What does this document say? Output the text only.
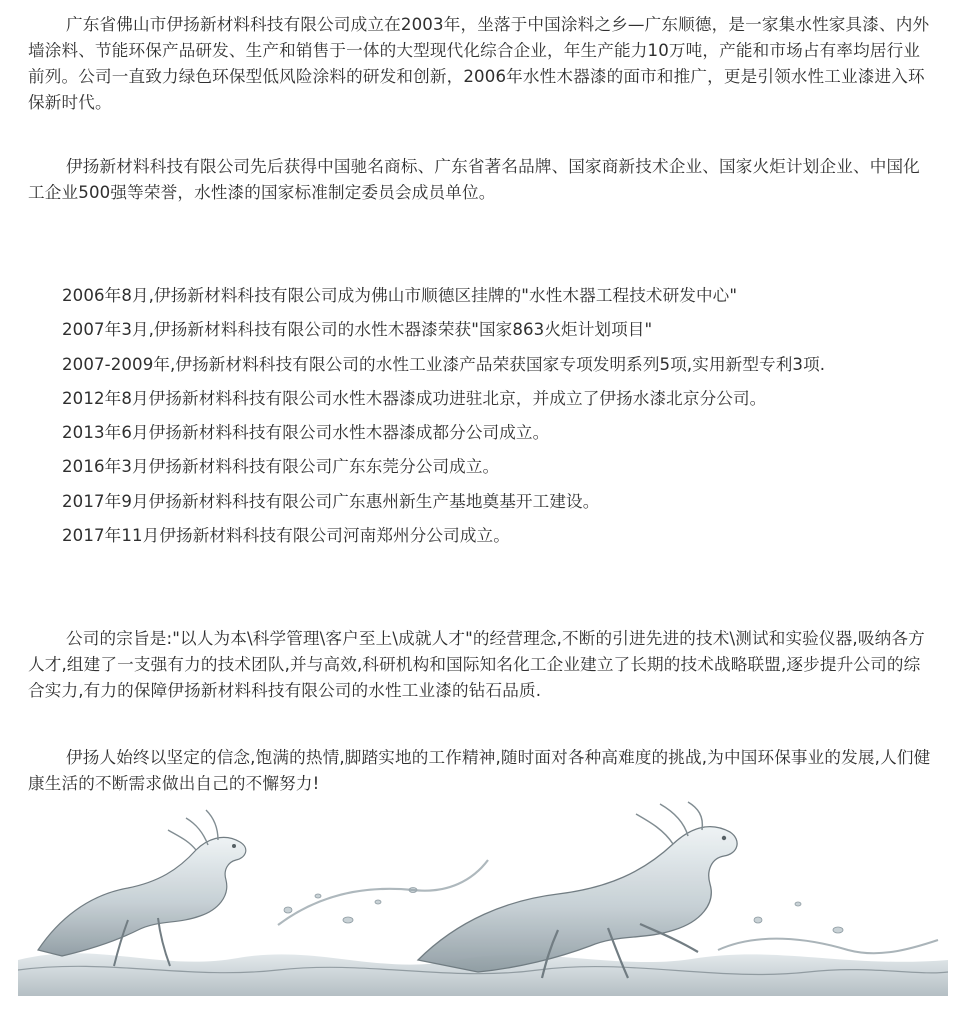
广东省佛山市伊扬新材料科技有限公司成立在2003年，坐落于中国涂料之乡—广东顺德，是一家集水性家具漆、内外墙涂料、节能环保产品研发、生产和销售于一体的大型现代化综合企业，年生产能力10万吨，产能和市场占有率均居行业前列。公司一直致力绿色环保型低风险涂料的研发和创新，2006年水性木器漆的面市和推广，更是引领水性工业漆进入环保新时代。

伊扬新材料科技有限公司先后获得中国驰名商标、广东省著名品牌、国家商新技术企业、国家火炬计划企业、中国化工企业500强等荣誉，水性漆的国家标准制定委员会成员单位。

2006年8月,伊扬新材料科技有限公司成为佛山市顺德区挂牌的"水性木器工程技术研发中心"
2007年3月,伊扬新材料科技有限公司的水性木器漆荣获"国家863火炬计划项目"
2007-2009年,伊扬新材料科技有限公司的水性工业漆产品荣获国家专项发明系列5项,实用新型专利3项.
2012年8月伊扬新材料科技有限公司水性木器漆成功进驻北京，并成立了伊扬水漆北京分公司。
2013年6月伊扬新材料科技有限公司水性木器漆成都分公司成立。
2016年3月伊扬新材料科技有限公司广东东莞分公司成立。
2017年9月伊扬新材料科技有限公司广东惠州新生产基地奠基开工建设。
2017年11月伊扬新材料科技有限公司河南郑州分公司成立。

公司的宗旨是:"以人为本\科学管理\客户至上\成就人才"的经营理念,不断的引进先进的技术\测试和实验仪器,吸纳各方人才,组建了一支强有力的技术团队,并与高效,科研机构和国际知名化工企业建立了长期的技术战略联盟,逐步提升公司的综合实力,有力的保障伊扬新材料科技有限公司的水性工业漆的钻石品质.

伊扬人始终以坚定的信念,饱满的热情,脚踏实地的工作精神,随时面对各种高难度的挑战,为中国环保事业的发展,人们健康生活的不断需求做出自己的不懈努力!
